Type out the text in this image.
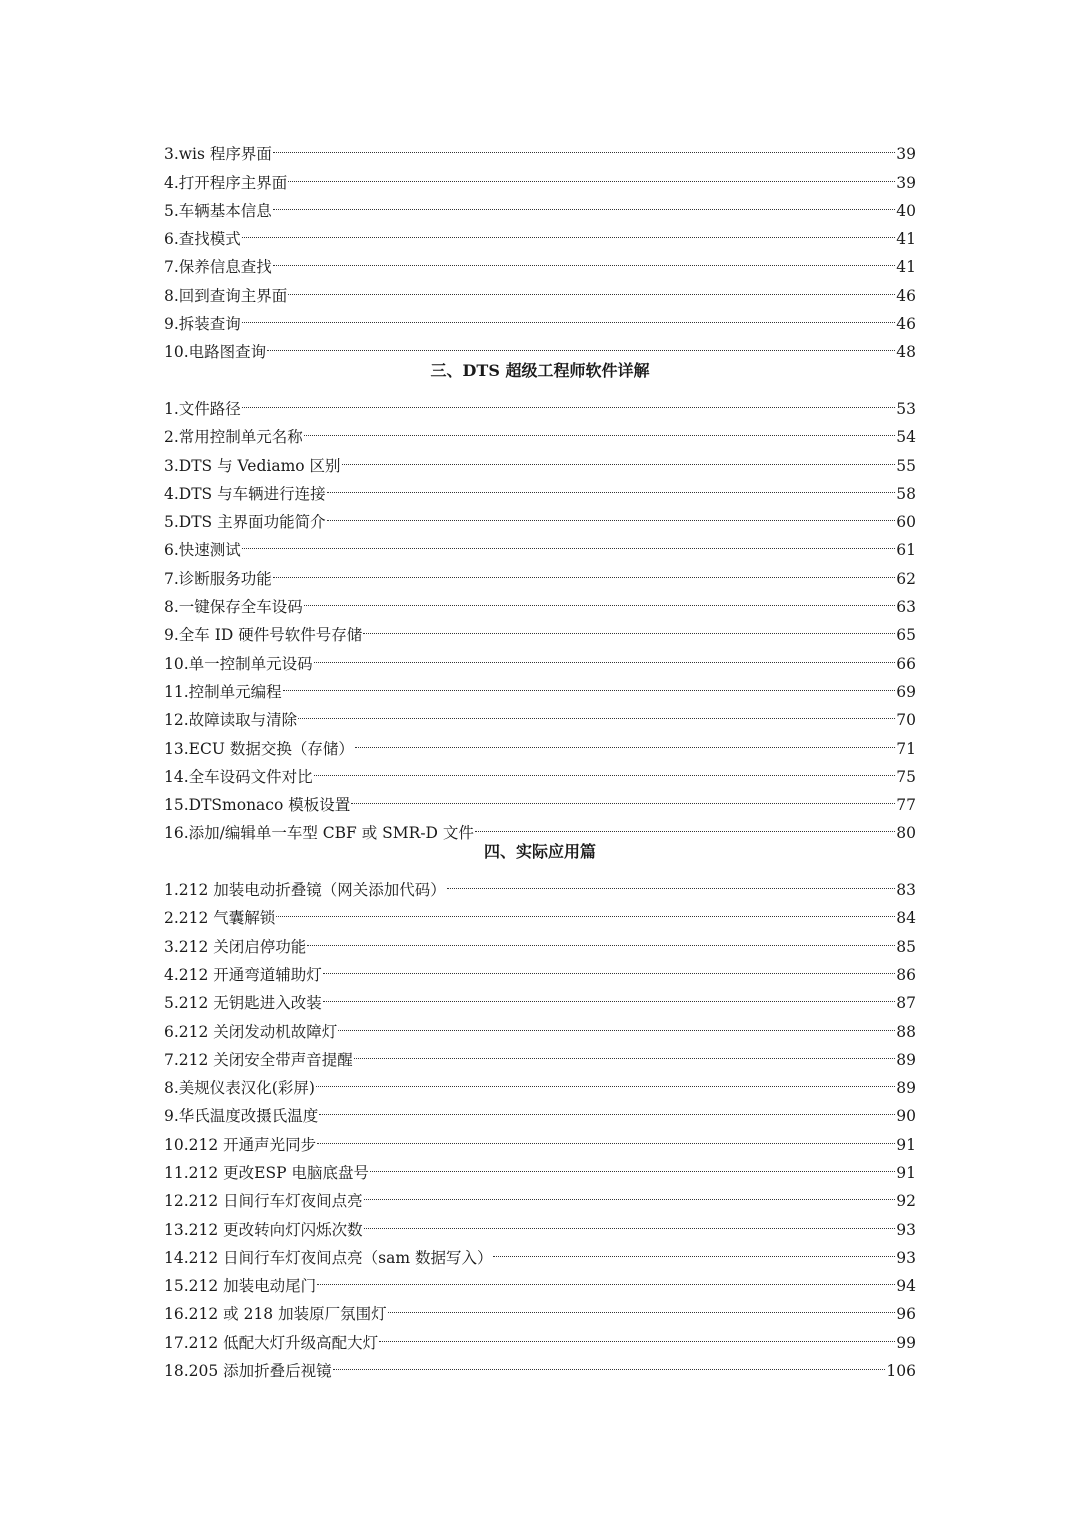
3.wis 程序界面	39
4.打开程序主界面	39
5.车辆基本信息	40
6.查找模式	41
7.保养信息查找	41
8.回到查询主界面	46
9.拆装查询	46
10.电路图查询	48
三、DTS 超级工程师软件详解
1.文件路径	53
2.常用控制单元名称	54
3.DTS 与 Vediamo 区别	55
4.DTS 与车辆进行连接	58
5.DTS 主界面功能简介	60
6.快速测试	61
7.诊断服务功能	62
8.一键保存全车设码	63
9.全车 ID 硬件号软件号存储	65
10.单一控制单元设码	66
11.控制单元编程	69
12.故障读取与清除	70
13.ECU 数据交换（存储）	71
14.全车设码文件对比	75
15.DTSmonaco 模板设置	77
16.添加/编辑单一车型 CBF 或 SMR-D 文件	80
四、实际应用篇
1.212 加装电动折叠镜（网关添加代码）	83
2.212 气囊解锁	84
3.212 关闭启停功能	85
4.212 开通弯道辅助灯	86
5.212 无钥匙进入改装	87
6.212 关闭发动机故障灯	88
7.212 关闭安全带声音提醒	89
8.美规仪表汉化(彩屏)	89
9.华氏温度改摄氏温度	90
10.212 开通声光同步	91
11.212 更改ESP 电脑底盘号	91
12.212 日间行车灯夜间点亮	92
13.212 更改转向灯闪烁次数	93
14.212 日间行车灯夜间点亮（sam 数据写入）	93
15.212 加装电动尾门	94
16.212 或 218 加装原厂氛围灯	96
17.212 低配大灯升级高配大灯	99
18.205 添加折叠后视镜	106
